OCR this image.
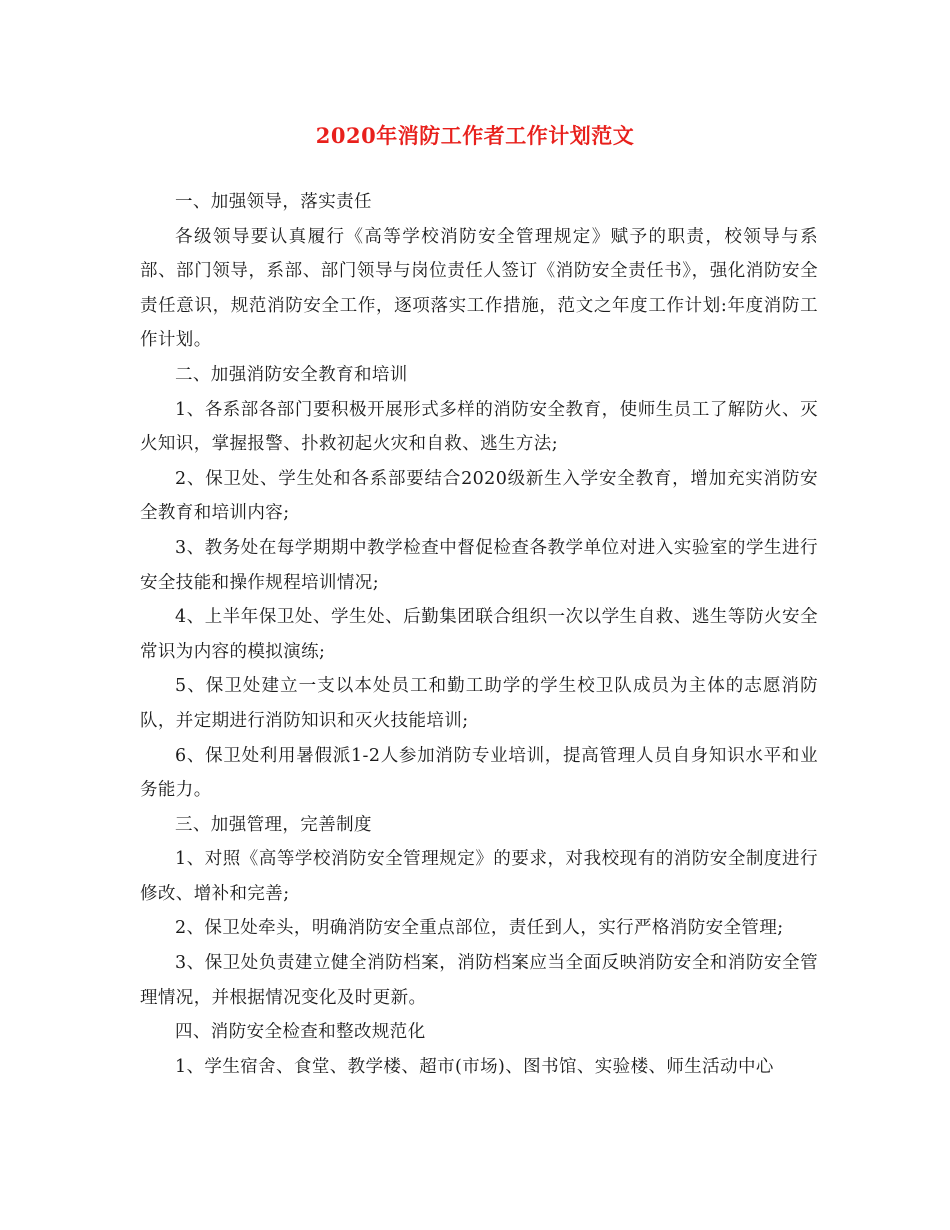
2020年消防工作者工作计划范文

一、加强领导，落实责任

各级领导要认真履行《高等学校消防安全管理规定》赋予的职责，校领导与系部、部门领导，系部、部门领导与岗位责任人签订《消防安全责任书》，强化消防安全责任意识，规范消防安全工作，逐项落实工作措施，范文之年度工作计划:年度消防工作计划。

二、加强消防安全教育和培训

1、各系部各部门要积极开展形式多样的消防安全教育，使师生员工了解防火、灭火知识，掌握报警、扑救初起火灾和自救、逃生方法;

2、保卫处、学生处和各系部要结合2020级新生入学安全教育，增加充实消防安全教育和培训内容;

3、教务处在每学期期中教学检查中督促检查各教学单位对进入实验室的学生进行安全技能和操作规程培训情况;

4、上半年保卫处、学生处、后勤集团联合组织一次以学生自救、逃生等防火安全常识为内容的模拟演练;

5、保卫处建立一支以本处员工和勤工助学的学生校卫队成员为主体的志愿消防队，并定期进行消防知识和灭火技能培训;

6、保卫处利用暑假派1-2人参加消防专业培训，提高管理人员自身知识水平和业务能力。

三、加强管理，完善制度

1、对照《高等学校消防安全管理规定》的要求，对我校现有的消防安全制度进行修改、增补和完善;

2、保卫处牵头，明确消防安全重点部位，责任到人，实行严格消防安全管理;

3、保卫处负责建立健全消防档案，消防档案应当全面反映消防安全和消防安全管理情况，并根据情况变化及时更新。

四、消防安全检查和整改规范化

1、学生宿舍、食堂、教学楼、超市(市场)、图书馆、实验楼、师生活动中心
